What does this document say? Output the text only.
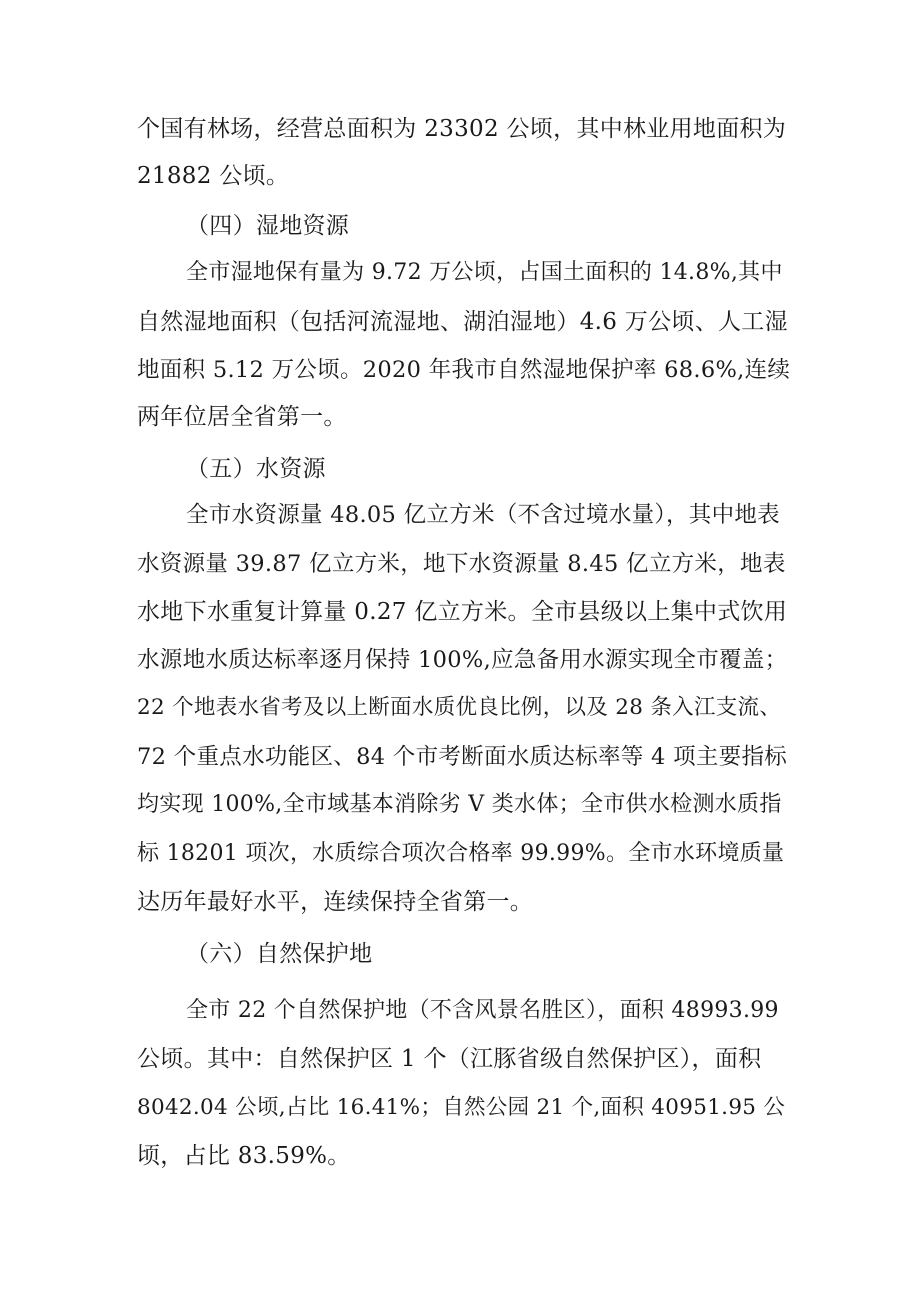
个国有林场，经营总面积为 23302 公顷，其中林业用地面积为
21882 公顷。
（四）湿地资源
全市湿地保有量为 9.72 万公顷，占国土面积的 14.8%,其中
自然湿地面积（包括河流湿地、湖泊湿地）4.6 万公顷、人工湿
地面积 5.12 万公顷。2020 年我市自然湿地保护率 68.6%,连续
两年位居全省第一。
（五）水资源
全市水资源量 48.05 亿立方米（不含过境水量），其中地表
水资源量 39.87 亿立方米，地下水资源量 8.45 亿立方米，地表
水地下水重复计算量 0.27 亿立方米。全市县级以上集中式饮用
水源地水质达标率逐月保持 100%,应急备用水源实现全市覆盖；
22 个地表水省考及以上断面水质优良比例，以及 28 条入江支流、
72 个重点水功能区、84 个市考断面水质达标率等 4 项主要指标
均实现 100%,全市域基本消除劣 V 类水体；全市供水检测水质指
标 18201 项次，水质综合项次合格率 99.99%。全市水环境质量
达历年最好水平，连续保持全省第一。
（六）自然保护地
全市 22 个自然保护地（不含风景名胜区），面积 48993.99
公顷。其中：自然保护区 1 个（江豚省级自然保护区），面积
8042.04 公顷,占比 16.41%；自然公园 21 个,面积 40951.95 公
顷，占比 83.59%。
